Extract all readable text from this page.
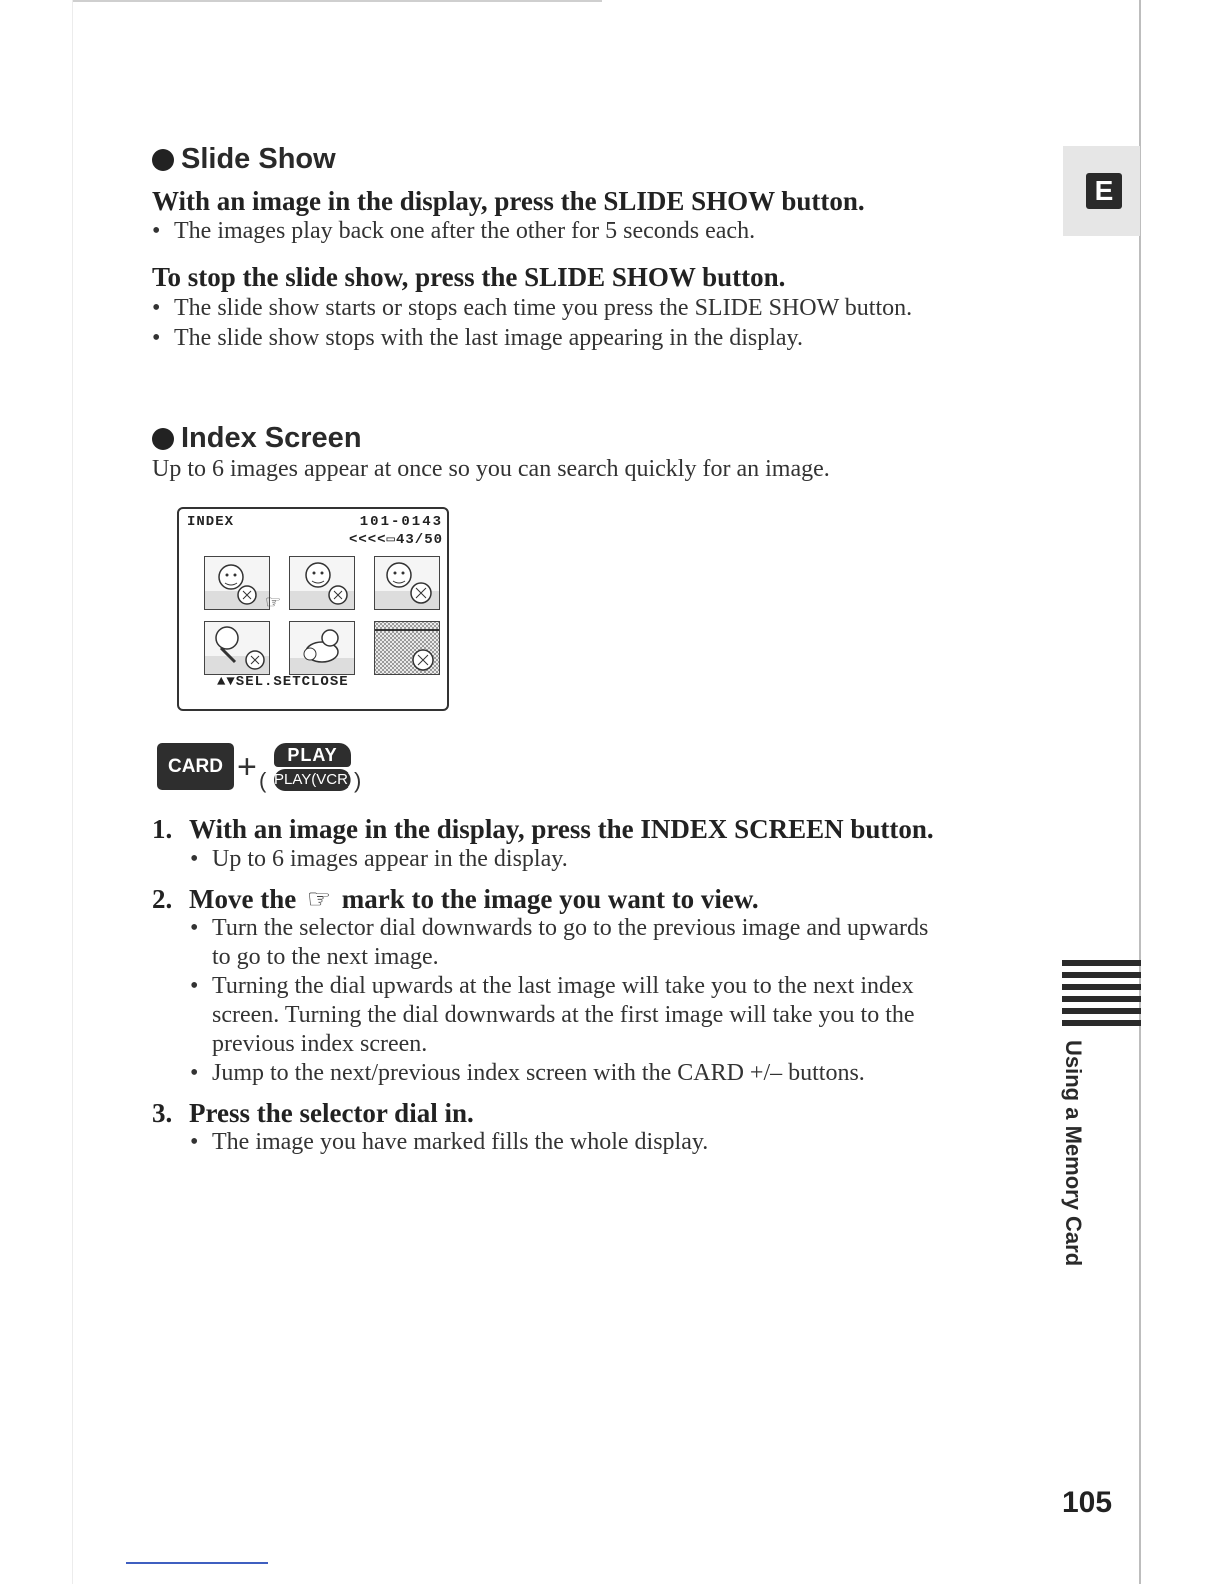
Slide Show
With an image in the display, press the SLIDE SHOW button.
• The images play back one after the other for 5 seconds each.
To stop the slide show, press the SLIDE SHOW button.
• The slide show starts or stops each time you press the SLIDE SHOW button.
• The slide show stops with the last image appearing in the display.
Index Screen
Up to 6 images appear at once so you can search quickly for an image.
INDEX	101-0143
<<<<▭43/50
▲▼SEL.SETCLOSE
☞
CARD + (
PLAY
PLAY(VCR) )
1. With an image in the display, press the INDEX SCREEN button.
• Up to 6 images appear in the display.
2. Move the ☞ mark to the image you want to view.
• Turn the selector dial downwards to go to the previous image and upwards
to go to the next image.
• Turning the dial upwards at the last image will take you to the next index
screen. Turning the dial downwards at the first image will take you to the
previous index screen.
• Jump to the next/previous index screen with the CARD +/– buttons.
3. Press the selector dial in.
• The image you have marked fills the whole display.
E
Using a Memory Card
105
